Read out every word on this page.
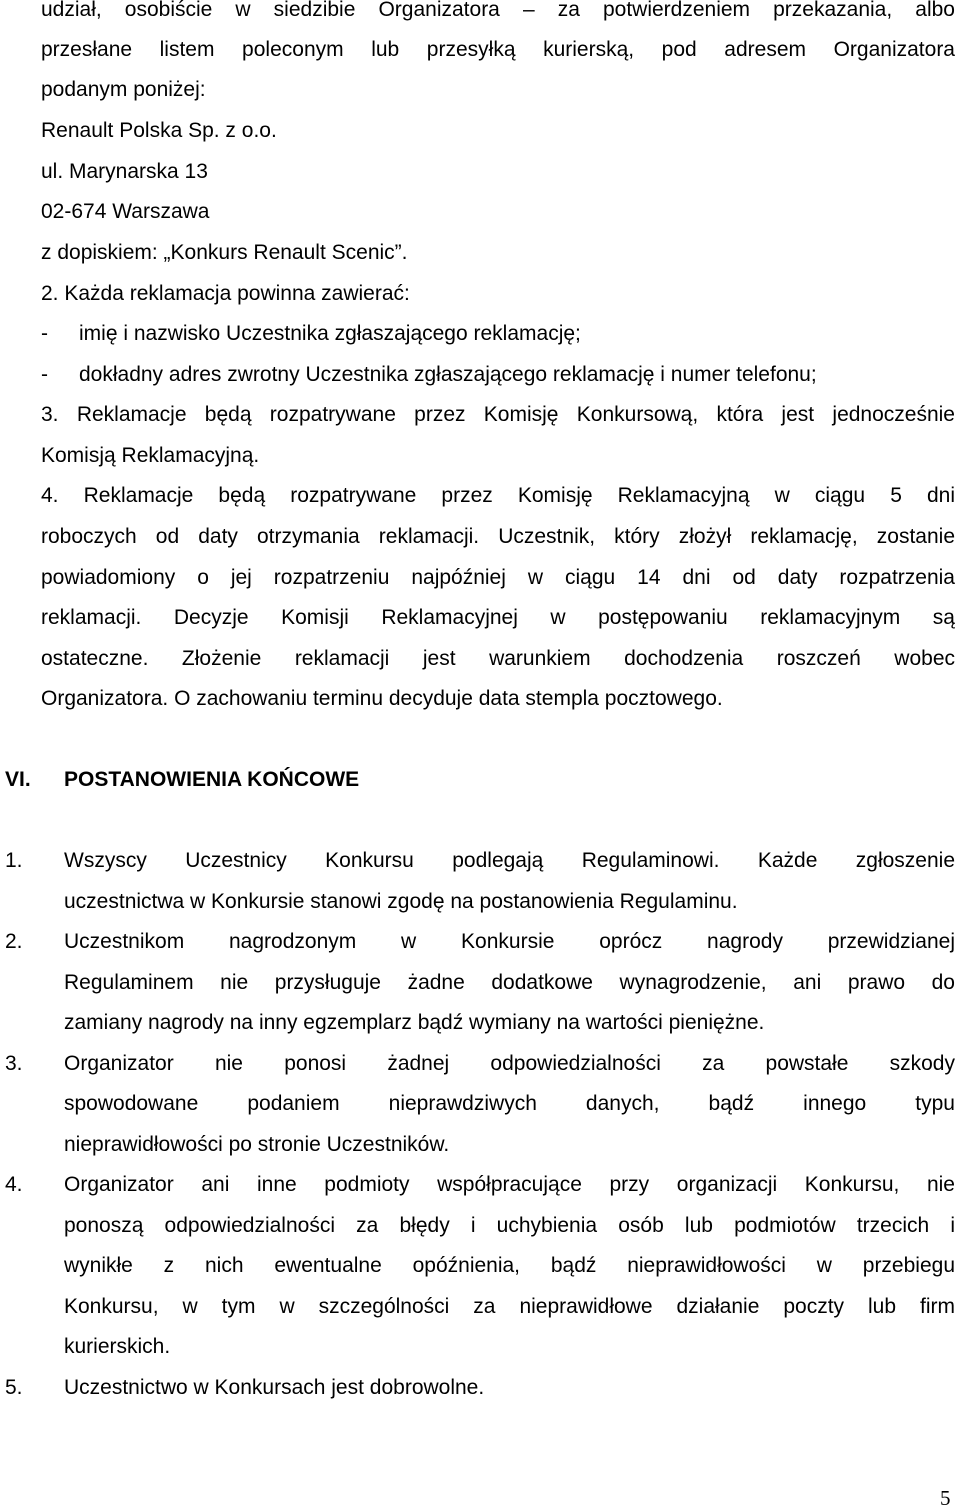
udział, osobiście w siedzibie Organizatora – za potwierdzeniem przekazania, albo
przesłane listem poleconym lub przesyłką kurierską, pod adresem Organizatora
podanym poniżej:
Renault Polska Sp. z o.o.
ul. Marynarska 13
02-674 Warszawa
z dopiskiem: „Konkurs Renault Scenic”.
2. Każda reklamacja powinna zawierać:
- imię i nazwisko Uczestnika zgłaszającego reklamację;
- dokładny adres zwrotny Uczestnika zgłaszającego reklamację i numer telefonu;
3. Reklamacje będą rozpatrywane przez Komisję Konkursową, która jest jednocześnie
Komisją Reklamacyjną.
4. Reklamacje będą rozpatrywane przez Komisję Reklamacyjną w ciągu 5 dni
roboczych od daty otrzymania reklamacji. Uczestnik, który złożył reklamację, zostanie
powiadomiony o jej rozpatrzeniu najpóźniej w ciągu 14 dni od daty rozpatrzenia
reklamacji. Decyzje Komisji Reklamacyjnej w postępowaniu reklamacyjnym są
ostateczne. Złożenie reklamacji jest warunkiem dochodzenia roszczeń wobec
Organizatora. O zachowaniu terminu decyduje data stempla pocztowego.
VI. POSTANOWIENIA KOŃCOWE
1. Wszyscy Uczestnicy Konkursu podlegają Regulaminowi. Każde zgłoszenie
uczestnictwa w Konkursie stanowi zgodę na postanowienia Regulaminu.
2. Uczestnikom nagrodzonym w Konkursie oprócz nagrody przewidzianej
Regulaminem nie przysługuje żadne dodatkowe wynagrodzenie, ani prawo do
zamiany nagrody na inny egzemplarz bądź wymiany na wartości pieniężne.
3. Organizator nie ponosi żadnej odpowiedzialności za powstałe szkody
spowodowane podaniem nieprawdziwych danych, bądź innego typu
nieprawidłowości po stronie Uczestników.
4. Organizator ani inne podmioty współpracujące przy organizacji Konkursu, nie
ponoszą odpowiedzialności za błędy i uchybienia osób lub podmiotów trzecich i
wynikłe z nich ewentualne opóźnienia, bądź nieprawidłowości w przebiegu
Konkursu, w tym w szczególności za nieprawidłowe działanie poczty lub firm
kurierskich.
5. Uczestnictwo w Konkursach jest dobrowolne.
5
